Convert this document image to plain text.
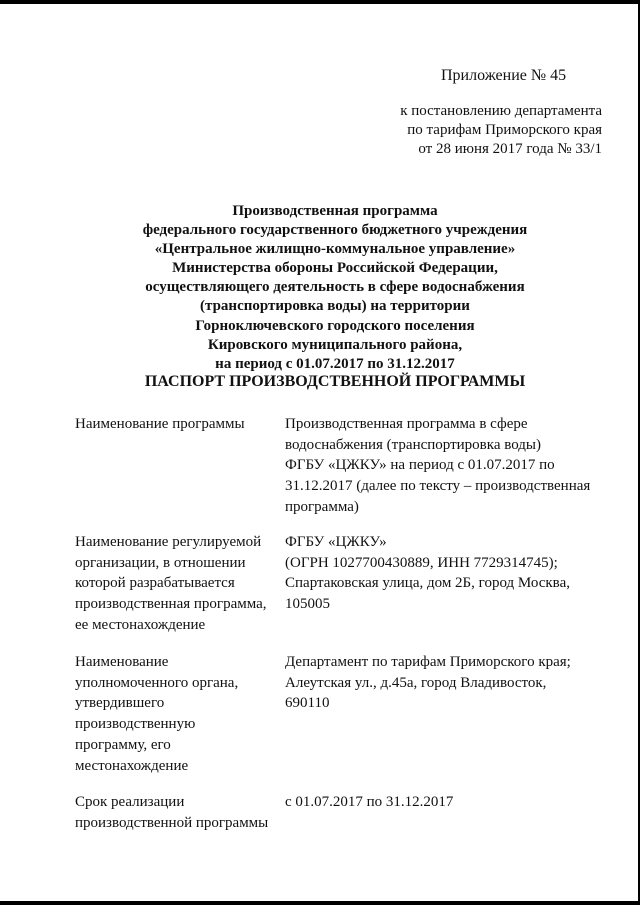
Приложение № 45
к постановлению департамента
по тарифам Приморского края
от 28 июня 2017 года № 33/1
Производственная программа
федерального государственного бюджетного учреждения
«Центральное жилищно-коммунальное управление»
Министерства обороны Российской Федерации,
осуществляющего деятельность в сфере водоснабжения
(транспортировка воды) на территории
Горноключевского городского поселения
Кировского муниципального района,
на период с 01.07.2017 по 31.12.2017
ПАСПОРТ ПРОИЗВОДСТВЕННОЙ ПРОГРАММЫ
Наименование программы	Производственная программа в сфере
водоснабжения (транспортировка воды)
ФГБУ «ЦЖКУ» на период с 01.07.2017 по
31.12.2017 (далее по тексту – производственная
программа)
Наименование регулируемой
организации, в отношении
которой разрабатывается
производственная программа,
ее местонахождение
ФГБУ «ЦЖКУ»
(ОГРН 1027700430889, ИНН 7729314745);
Спартаковская улица, дом 2Б, город Москва,
105005
Наименование
уполномоченного органа,
утвердившего
производственную
программу, его
местонахождение
Департамент по тарифам Приморского края;
Алеутская ул., д.45а, город Владивосток,
690110
Срок реализации
производственной программы
с 01.07.2017 по 31.12.2017
